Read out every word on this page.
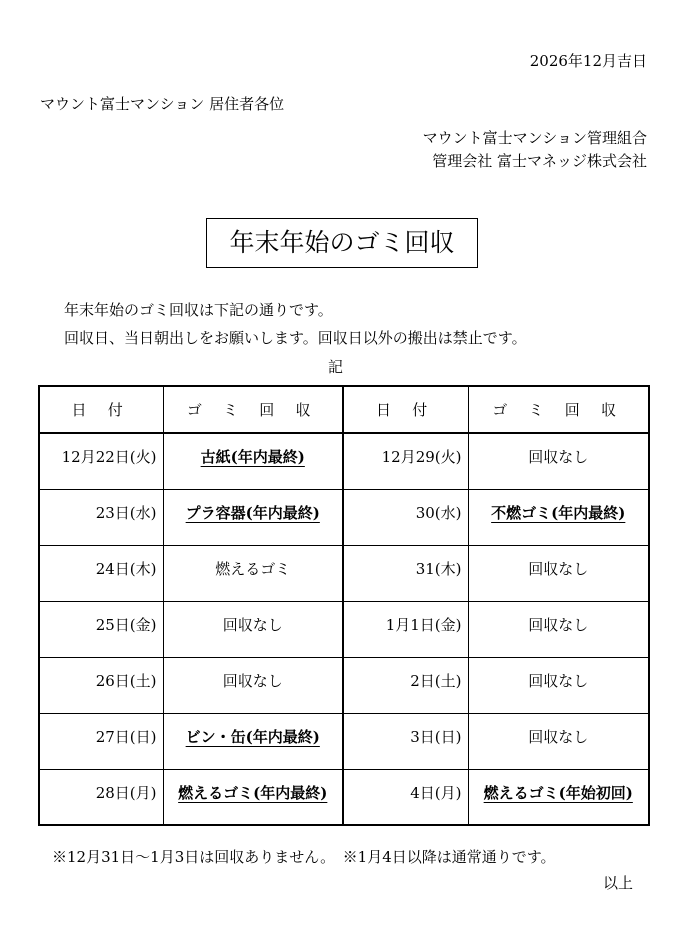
2026年12月吉日
マウント富士マンション 居住者各位
マウント富士マンション管理組合
管理会社 富士マネッジ株式会社
年末年始のゴミ回収
年末年始のゴミ回収は下記の通りです。
回収日、当日朝出しをお願いします。回収日以外の搬出は禁止です。
記
日 付	ゴ ミ 回 収	日 付	ゴ ミ 回 収
12月22日(火)	古紙(年内最終)	12月29(火)	回収なし
23日(水)	プラ容器(年内最終)	30(水)	不燃ゴミ(年内最終)
24日(木)	燃えるゴミ	31(木)	回収なし
25日(金)	回収なし	1月1日(金)	回収なし
26日(土)	回収なし	2日(土)	回収なし
27日(日)	ビン・缶(年内最終)	3日(日)	回収なし
28日(月)	燃えるゴミ(年内最終)	4日(月)	燃えるゴミ(年始初回)
※12月31日～1月3日は回収ありません。　※1月4日以降は通常通りです。
以上
